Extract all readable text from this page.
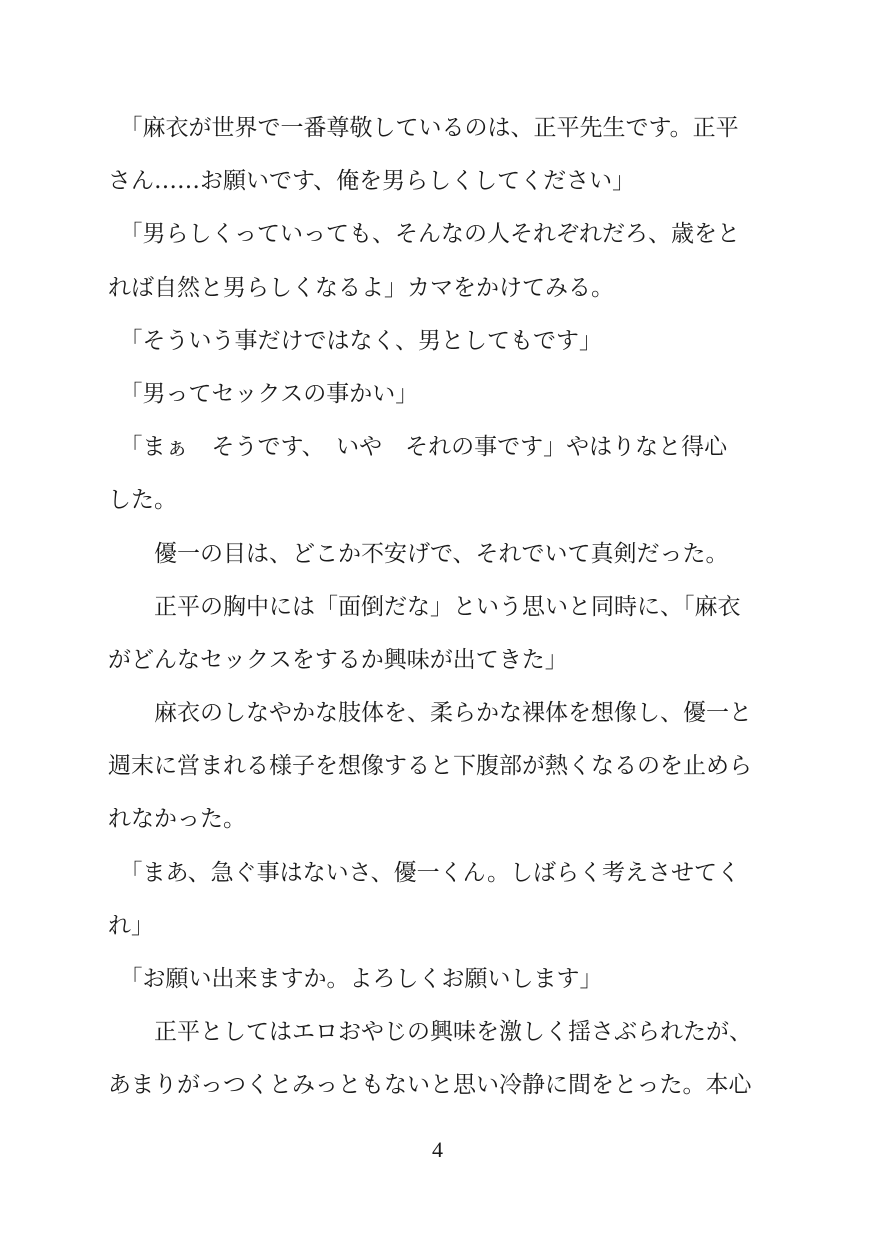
　「麻衣が世界で一番尊敬しているのは、正平先生です。正平
さん……お願いです、俺を男らしくしてください」
　「男らしくっていっても、そんなの人それぞれだろ、歳をと
れば自然と男らしくなるよ」カマをかけてみる。
　「そういう事だけではなく、男としてもです」
　「男ってセックスの事かい」
　「まぁ　そうです、　いや　それの事です」やはりなと得心
した。
　　優一の目は、どこか不安げで、それでいて真剣だった。
　　正平の胸中には「面倒だな」という思いと同時に、「麻衣
がどんなセックスをするか興味が出てきた」
　　麻衣のしなやかな肢体を、柔らかな裸体を想像し、優一と
週末に営まれる様子を想像すると下腹部が熱くなるのを止めら
れなかった。
　「まあ、急ぐ事はないさ、優一くん。しばらく考えさせてく
れ」
　「お願い出来ますか。よろしくお願いします」
　　正平としてはエロおやじの興味を激しく揺さぶられたが、
あまりがっつくとみっともないと思い冷静に間をとった。本心
4
